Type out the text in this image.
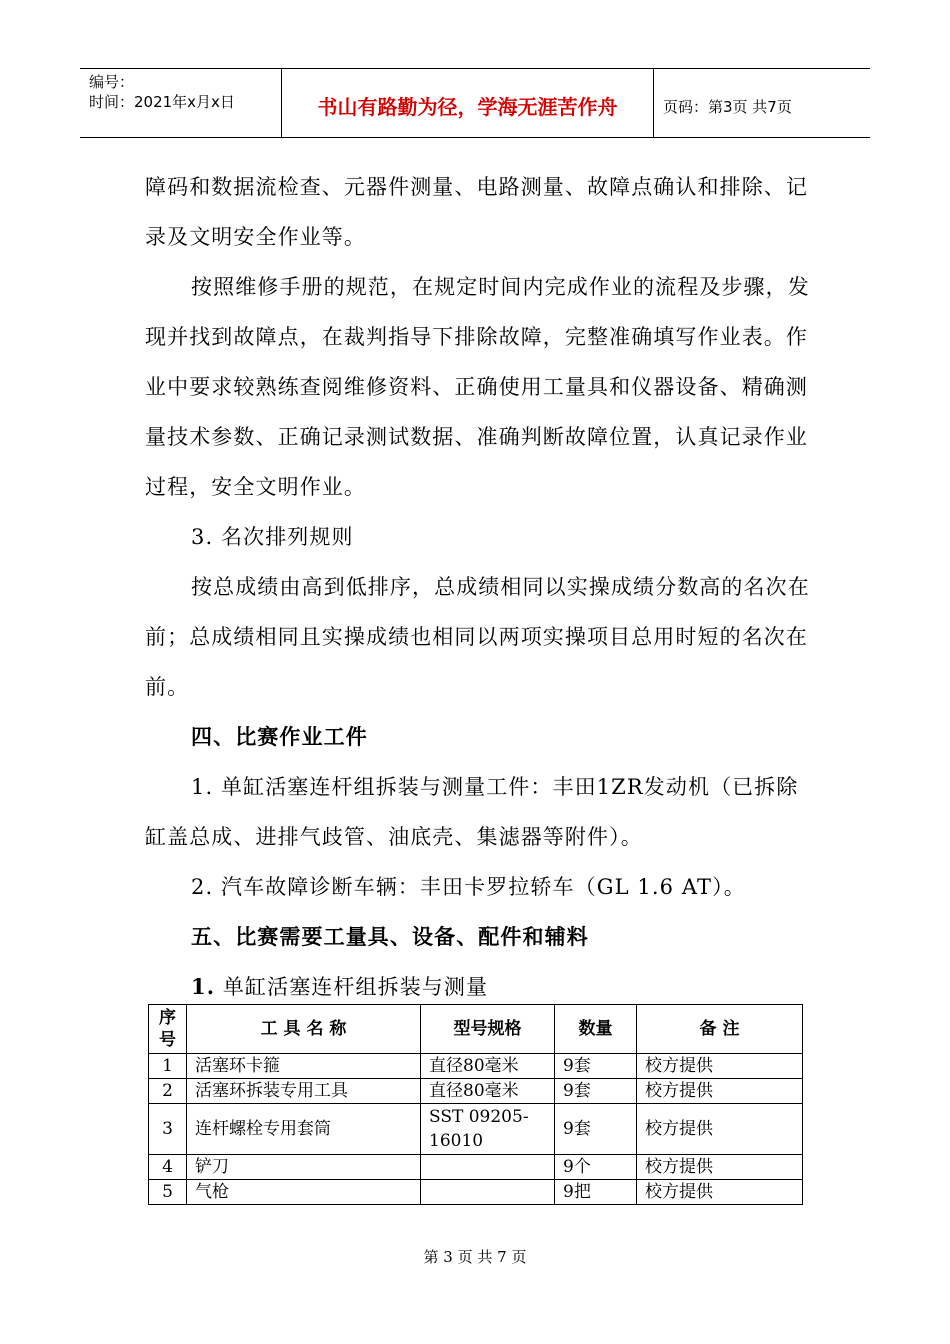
编号：
时间：2021年x月x日	书山有路勤为径，学海无涯苦作舟	页码：第3页 共7页

障码和数据流检查、元器件测量、电路测量、故障点确认和排除、记录及文明安全作业等。

按照维修手册的规范，在规定时间内完成作业的流程及步骤，发现并找到故障点，在裁判指导下排除故障，完整准确填写作业表。作业中要求较熟练查阅维修资料、正确使用工量具和仪器设备、精确测量技术参数、正确记录测试数据、准确判断故障位置，认真记录作业过程，安全文明作业。

3. 名次排列规则

按总成绩由高到低排序，总成绩相同以实操成绩分数高的名次在前；总成绩相同且实操成绩也相同以两项实操项目总用时短的名次在前。

四、比赛作业工件

1. 单缸活塞连杆组拆装与测量工件：丰田1ZR发动机（已拆除缸盖总成、进排气歧管、油底壳、集滤器等附件）。

2. 汽车故障诊断车辆：丰田卡罗拉轿车（GL 1.6 AT）。

五、比赛需要工量具、设备、配件和辅料

1. 单缸活塞连杆组拆装与测量

序号	工 具 名 称	型号规格	数量	备 注
1	活塞环卡箍	直径80毫米	9套	校方提供
2	活塞环拆装专用工具	直径80毫米	9套	校方提供
3	连杆螺栓专用套筒	SST 09205-16010	9套	校方提供
4	铲刀		9个	校方提供
5	气枪		9把	校方提供
第 3 页 共 7 页
